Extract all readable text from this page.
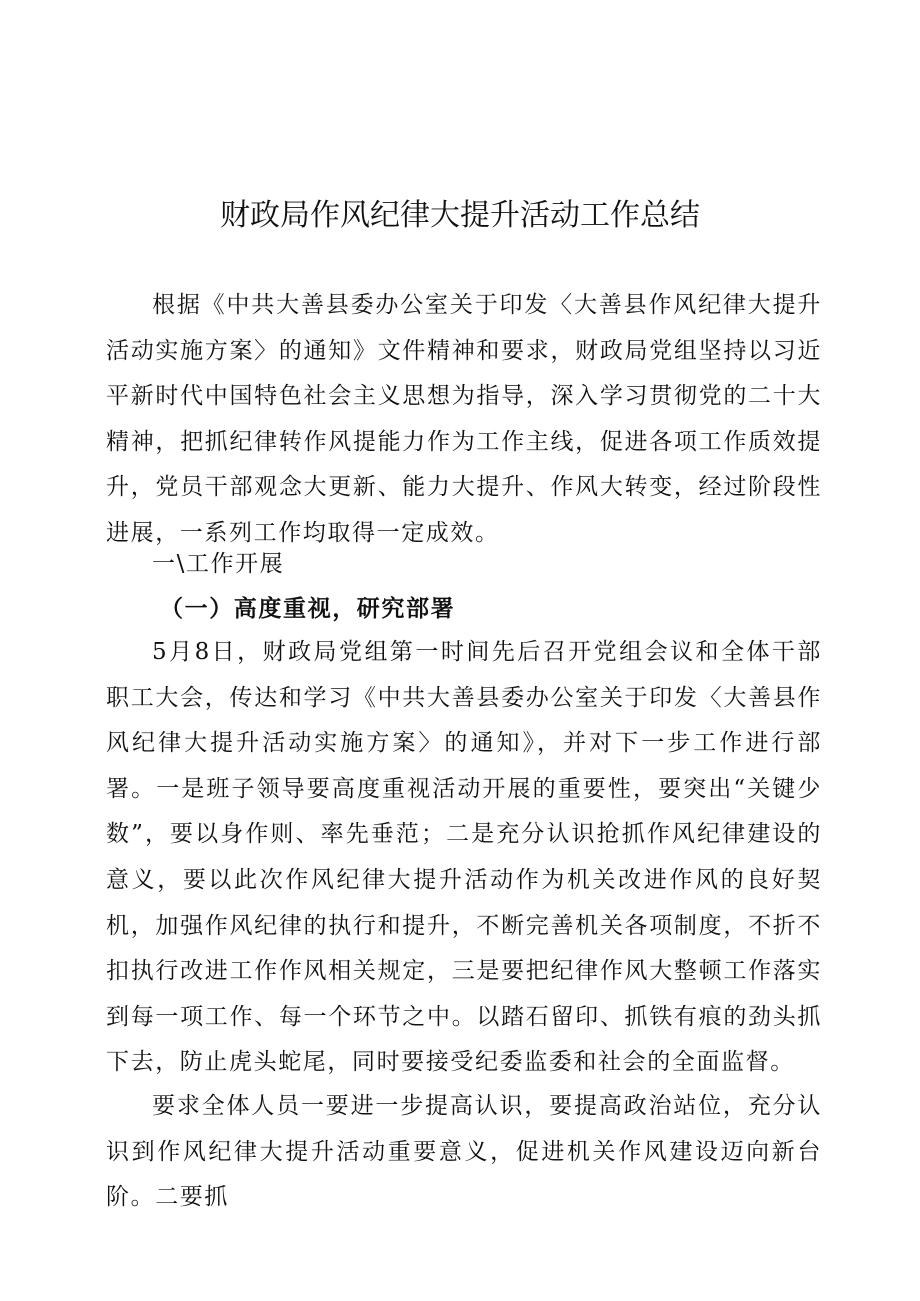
财政局作风纪律大提升活动工作总结

根据《中共大善县委办公室关于印发〈大善县作风纪律大提升活动实施方案〉的通知》文件精神和要求，财政局党组坚持以习近平新时代中国特色社会主义思想为指导，深入学习贯彻党的二十大精神，把抓纪律转作风提能力作为工作主线，促进各项工作质效提升，党员干部观念大更新、能力大提升、作风大转变，经过阶段性进展，一系列工作均取得一定成效。

一\工作开展
（一）高度重视，研究部署

5月8日，财政局党组第一时间先后召开党组会议和全体干部职工大会，传达和学习《中共大善县委办公室关于印发〈大善县作风纪律大提升活动实施方案〉的通知》，并对下一步工作进行部署。一是班子领导要高度重视活动开展的重要性，要突出“关键少数”，要以身作则、率先垂范；二是充分认识抢抓作风纪律建设的意义，要以此次作风纪律大提升活动作为机关改进作风的良好契机，加强作风纪律的执行和提升，不断完善机关各项制度，不折不扣执行改进工作作风相关规定，三是要把纪律作风大整顿工作落实到每一项工作、每一个环节之中。以踏石留印、抓铁有痕的劲头抓下去，防止虎头蛇尾，同时要接受纪委监委和社会的全面监督。

要求全体人员一要进一步提高认识，要提高政治站位，充分认识到作风纪律大提升活动重要意义，促进机关作风建设迈向新台阶。二要抓
